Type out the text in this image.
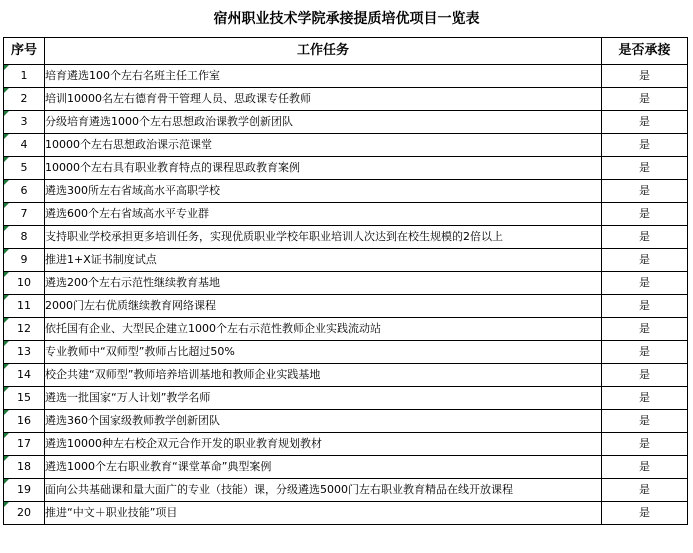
宿州职业技术学院承接提质培优项目一览表
序号	工作任务	是否承接
1	培育遴选100个左右名班主任工作室	是
2	培训10000名左右德育骨干管理人员、思政课专任教师	是
3	分级培育遴选1000个左右思想政治课教学创新团队	是
4	10000个左右思想政治课示范课堂	是
5	10000个左右具有职业教育特点的课程思政教育案例	是
6	遴选300所左右省域高水平高职学校	是
7	遴选600个左右省域高水平专业群	是
8	支持职业学校承担更多培训任务，实现优质职业学校年职业培训人次达到在校生规模的2倍以上	是
9	推进1+X证书制度试点	是
10	遴选200个左右示范性继续教育基地	是
11	2000门左右优质继续教育网络课程	是
12	依托国有企业、大型民企建立1000个左右示范性教师企业实践流动站	是
13	专业教师中“双师型”教师占比超过50%	是
14	校企共建“双师型”教师培养培训基地和教师企业实践基地	是
15	遴选一批国家“万人计划”教学名师	是
16	遴选360个国家级教师教学创新团队	是
17	遴选10000种左右校企双元合作开发的职业教育规划教材	是
18	遴选1000个左右职业教育“课堂革命”典型案例	是
19	面向公共基础课和量大面广的专业（技能）课，分级遴选5000门左右职业教育精品在线开放课程	是
20	推进“中文＋职业技能”项目	是
